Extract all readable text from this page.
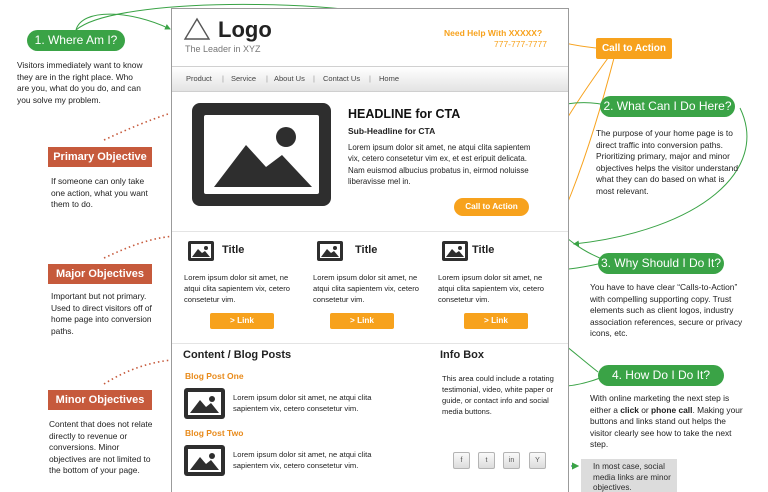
1. Where Am I?
Visitors immediately want to know they are in the right place. Who are you, what do you do, and can you solve my problem.
Primary Objective
If someone can only take one action, what you want them to do.
Major Objectives
Important but not primary. Used to direct visitors off of home page into conversion paths.
Minor Objectives
Content that does not relate directly to revenue or conversions. Minor objectives are not limited to the bottom of your page.
Call to Action
2. What Can I Do Here?
The purpose of your home page is to direct traffic into conversion paths. Prioritizing primary, major and minor objectives helps the visitor understand what they can do based on what is most relevant.
3. Why Should I Do It?
You have to have clear “Calls-to-Action” with compelling supporting copy. Trust elements such as client logos, industry association references, secure or privacy icons, etc.
4. How Do I Do It?
With online marketing the next step is either a click or phone call. Making your buttons and links stand out helps the visitor clearly see how to take the next step.
In most case, social media links are minor objectives.
Logo
The Leader in XYZ
Need Help With XXXXX?
777-777-7777
Product | Service | About Us | Contact Us | Home
HEADLINE for CTA
Sub-Headline for CTA
Lorem ipsum dolor sit amet, ne atqui clita sapientem vix, cetero consetetur vim ex, et est eripuit delicata. Nam euismod albucius probatus in, eirmod noluisse liberavisse mel in.
Call to Action
Title
Lorem ipsum dolor sit amet, ne atqui clita sapientem vix, cetero consetetur vim.
> Link
Title
Lorem ipsum dolor sit amet, ne atqui clita sapientem vix, cetero consetetur vim.
> Link
Title
Lorem ipsum dolor sit amet, ne atqui clita sapientem vix, cetero consetetur vim.
> Link
Content / Blog Posts
Blog Post One
Lorem ipsum dolor sit amet, ne atqui clita sapientem vix, cetero consetetur vim.
Blog Post Two
Lorem ipsum dolor sit amet, ne atqui clita sapientem vix, cetero consetetur vim.
Info Box
This area could include a rotating testimonial, video, white paper or guide, or contact info and social media buttons.
f	t	in	Y
